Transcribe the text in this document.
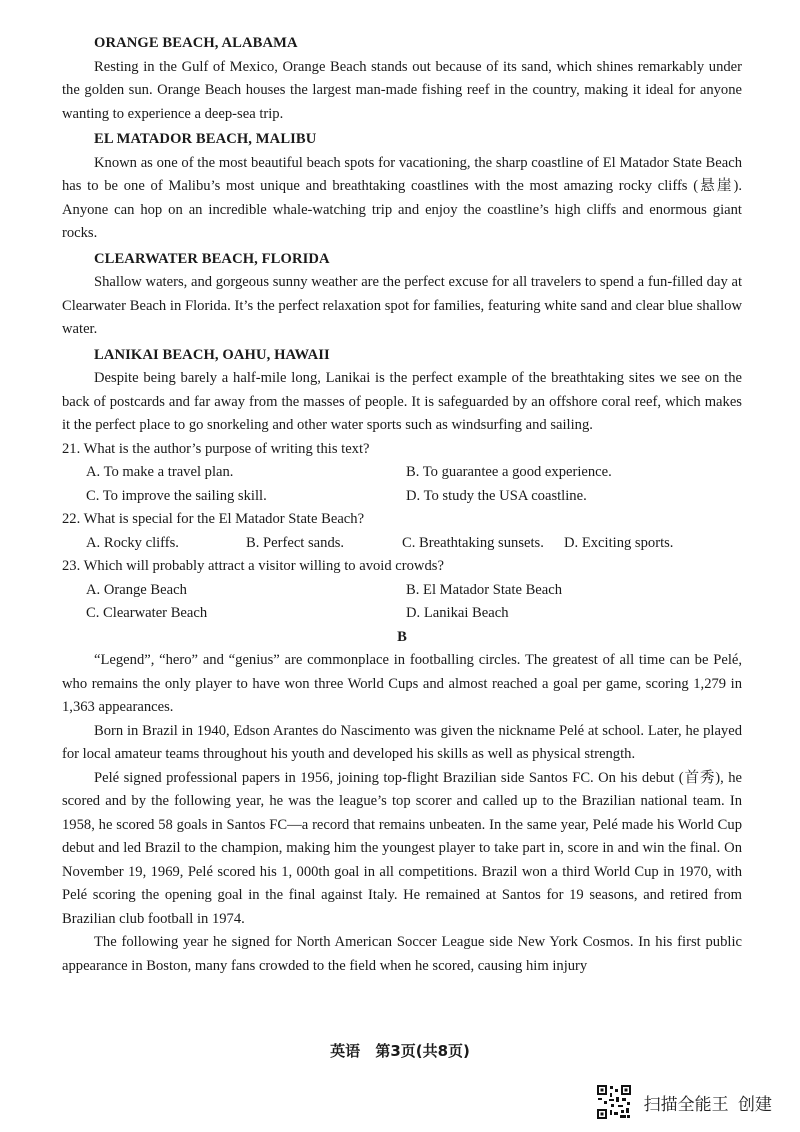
ORANGE BEACH, ALABAMA

Resting in the Gulf of Mexico, Orange Beach stands out because of its sand, which shines remarkably under the golden sun. Orange Beach houses the largest man-made fishing reef in the country, making it ideal for anyone wanting to experience a deep-sea trip.

EL MATADOR BEACH, MALIBU

Known as one of the most beautiful beach spots for vacationing, the sharp coastline of El Matador State Beach has to be one of Malibu’s most unique and breathtaking coastlines with the most amazing rocky cliffs (悬崖). Anyone can hop on an incredible whale-watching trip and enjoy the coastline’s high cliffs and enormous giant rocks.

CLEARWATER BEACH, FLORIDA

Shallow waters, and gorgeous sunny weather are the perfect excuse for all travelers to spend a fun-filled day at Clearwater Beach in Florida. It’s the perfect relaxation spot for families, featuring white sand and clear blue shallow water.

LANIKAI BEACH, OAHU, HAWAII

Despite being barely a half-mile long, Lanikai is the perfect example of the breathtaking sites we see on the back of postcards and far away from the masses of people. It is safeguarded by an offshore coral reef, which makes it the perfect place to go snorkeling and other water sports such as windsurfing and sailing.

21. What is the author’s purpose of writing this text?

A. To make a travel plan.	B. To guarantee a good experience.
C. To improve the sailing skill.	D. To study the USA coastline.

22. What is special for the El Matador State Beach?

A. Rocky cliffs.	B. Perfect sands.	C. Breathtaking sunsets.	D. Exciting sports.

23. Which will probably attract a visitor willing to avoid crowds?

A. Orange Beach	B. El Matador State Beach
C. Clearwater Beach	D. Lanikai Beach

B

“Legend”, “hero” and “genius” are commonplace in footballing circles. The greatest of all time can be Pelé, who remains the only player to have won three World Cups and almost reached a goal per game, scoring 1,279 in 1,363 appearances.

Born in Brazil in 1940, Edson Arantes do Nascimento was given the nickname Pelé at school. Later, he played for local amateur teams throughout his youth and developed his skills as well as physical strength.

Pelé signed professional papers in 1956, joining top-flight Brazilian side Santos FC. On his debut (首秀), he scored and by the following year, he was the league’s top scorer and called up to the Brazilian national team. In 1958, he scored 58 goals in Santos FC—a record that remains unbeaten. In the same year, Pelé made his World Cup debut and led Brazil to the champion, making him the youngest player to take part in, score in and win the final. On November 19, 1969, Pelé scored his 1, 000th goal in all competitions. Brazil won a third World Cup in 1970, with Pelé scoring the opening goal in the final against Italy. He remained at Santos for 19 seasons, and retired from Brazilian club football in 1974.

The following year he signed for North American Soccer League side New York Cosmos. In his first public appearance in Boston, many fans crowded to the field when he scored, causing him injury

英语 第3页(共8页)
扫描全能王 创建
